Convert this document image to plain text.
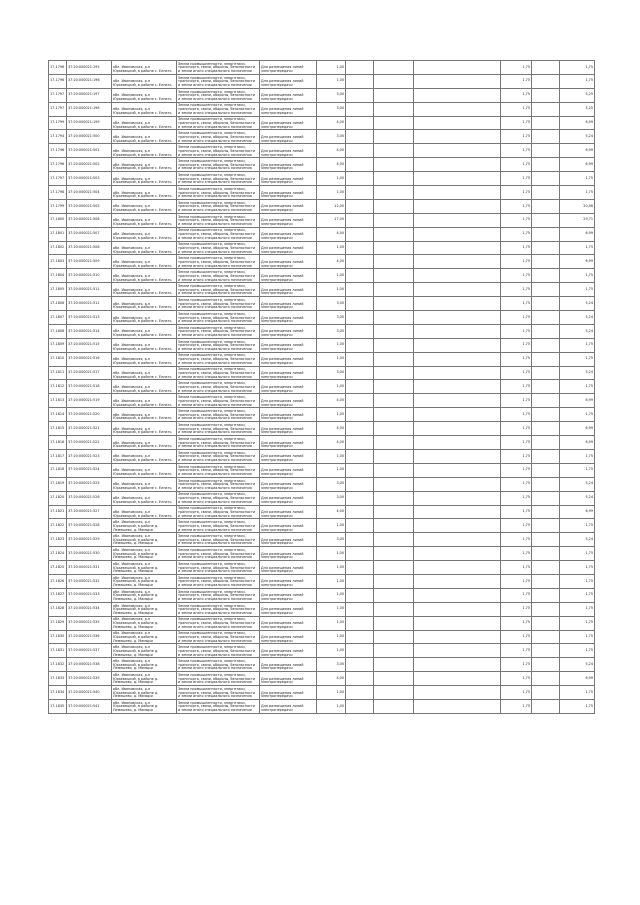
17-1796	37:20:000021:195	обл. Ивановская, р-н Юрьевецкий, в районе с. Елнать	Земли промышленности, энергетики, транспорта, связи, обороны, безопасности и земли иного специального назначения	Для размещения линий электропередачи	1,00				1,75		1,75
17-1796	37:20:000021:196	обл. Ивановская, р-н Юрьевецкий, в районе с. Елнать	Земли промышленности, энергетики, транспорта, связи, обороны, безопасности и земли иного специального назначения	Для размещения линий электропередачи	1,00				1,75		1,75
17-1797	37:20:000021:197	обл. Ивановская, р-н Юрьевецкий, в районе с. Елнать	Земли промышленности, энергетики, транспорта, связи, обороны, безопасности и земли иного специального назначения	Для размещения линий электропередачи	3,00				1,75		5,25
17-1797	37:20:000021:198	обл. Ивановская, р-н Юрьевецкий, в районе с. Елнать	Земли промышленности, энергетики, транспорта, связи, обороны, безопасности и земли иного специального назначения	Для размещения линий электропередачи	3,00				1,75		5,25
17-1799	37:20:000021:199	обл. Ивановская, р-н Юрьевецкий, в районе с. Елнать	Земли промышленности, энергетики, транспорта, связи, обороны, безопасности и земли иного специального назначения	Для размещения линий электропередачи	4,00				1,75		6,99
17-1794	37:20:000021:500	обл. Ивановская, р-н Юрьевецкий, в районе с. Елнать	Земли промышленности, энергетики, транспорта, связи, обороны, безопасности и земли иного специального назначения	Для размещения линий электропередачи	3,00				1,75		5,24
17-1796	37:20:000021:501	обл. Ивановская, р-н Юрьевецкий, в районе с. Елнать	Земли промышленности, энергетики, транспорта, связи, обороны, безопасности и земли иного специального назначения	Для размещения линий электропередачи	4,00				1,75		6,99
17-1796	37:20:000021:502	обл. Ивановская, р-н Юрьевецкий, в районе с. Елнать	Земли промышленности, энергетики, транспорта, связи, обороны, безопасности и земли иного специального назначения	Для размещения линий электропередачи	4,00				1,75		6,99
17-1797	37:20:000021:503	обл. Ивановская, р-н Юрьевецкий, в районе с. Елнать	Земли промышленности, энергетики, транспорта, связи, обороны, безопасности и земли иного специального назначения	Для размещения линий электропередачи	1,00				1,75		1,75
17-1798	37:20:000021:504	обл. Ивановская, р-н Юрьевецкий, в районе с. Елнать	Земли промышленности, энергетики, транспорта, связи, обороны, безопасности и земли иного специального назначения	Для размещения линий электропередачи	1,00				1,75		1,75
17-1799	37:20:000021:505	обл. Ивановская, р-н Юрьевецкий, в районе с. Елнать	Земли промышленности, энергетики, транспорта, связи, обороны, безопасности и земли иного специального назначения	Для размещения линий электропередачи	12,00				1,75		20,98
17-1800	37:20:000021:506	обл. Ивановская, р-н Юрьевецкий, в районе с. Елнать	Земли промышленности, энергетики, транспорта, связи, обороны, безопасности и земли иного специального назначения	Для размещения линий электропередачи	17,00				1,75		29,71
17-1801	37:20:000021:507	обл. Ивановская, р-н Юрьевецкий, в районе с. Елнать	Земли промышленности, энергетики, транспорта, связи, обороны, безопасности и земли иного специального назначения	Для размещения линий электропередачи	4,00				1,75		6,99
17-1802	37:20:000021:508	обл. Ивановская, р-н Юрьевецкий, в районе с. Елнать	Земли промышленности, энергетики, транспорта, связи, обороны, безопасности и земли иного специального назначения	Для размещения линий электропередачи	1,00				1,75		1,75
17-1803	37:20:000021:509	обл. Ивановская, р-н Юрьевецкий, в районе с. Елнать	Земли промышленности, энергетики, транспорта, связи, обороны, безопасности и земли иного специального назначения	Для размещения линий электропередачи	4,00				1,75		6,99
17-1804	37:20:000021:510	обл. Ивановская, р-н Юрьевецкий, в районе с. Елнать	Земли промышленности, энергетики, транспорта, связи, обороны, безопасности и земли иного специального назначения	Для размещения линий электропередачи	1,00				1,75		1,75
17-1805	37:20:000021:511	обл. Ивановская, р-н Юрьевецкий, в районе с. Елнать	Земли промышленности, энергетики, транспорта, связи, обороны, безопасности и земли иного специального назначения	Для размещения линий электропередачи	1,00				1,75		1,75
17-1806	37:20:000021:512	обл. Ивановская, р-н Юрьевецкий, в районе с. Елнать	Земли промышленности, энергетики, транспорта, связи, обороны, безопасности и земли иного специального назначения	Для размещения линий электропередачи	3,00				1,75		5,24
17-1807	37:20:000021:513	обл. Ивановская, р-н Юрьевецкий, в районе с. Елнать	Земли промышленности, энергетики, транспорта, связи, обороны, безопасности и земли иного специального назначения	Для размещения линий электропередачи	3,00				1,75		5,24
17-1808	37:20:000021:514	обл. Ивановская, р-н Юрьевецкий, в районе с. Елнать	Земли промышленности, энергетики, транспорта, связи, обороны, безопасности и земли иного специального назначения	Для размещения линий электропередачи	3,00				1,75		5,24
17-1809	37:20:000021:515	обл. Ивановская, р-н Юрьевецкий, в районе с. Елнать	Земли промышленности, энергетики, транспорта, связи, обороны, безопасности и земли иного специального назначения	Для размещения линий электропередачи	1,00				1,75		1,75
17-1810	37:20:000021:516	обл. Ивановская, р-н Юрьевецкий, в районе с. Елнать	Земли промышленности, энергетики, транспорта, связи, обороны, безопасности и земли иного специального назначения	Для размещения линий электропередачи	1,00				1,75		1,75
17-1811	37:20:000021:517	обл. Ивановская, р-н Юрьевецкий, в районе с. Елнать	Земли промышленности, энергетики, транспорта, связи, обороны, безопасности и земли иного специального назначения	Для размещения линий электропередачи	3,00				1,75		5,24
17-1812	37:20:000021:518	обл. Ивановская, р-н Юрьевецкий, в районе с. Елнать	Земли промышленности, энергетики, транспорта, связи, обороны, безопасности и земли иного специального назначения	Для размещения линий электропередачи	1,00				1,75		1,75
17-1813	37:20:000021:519	обл. Ивановская, р-н Юрьевецкий, в районе с. Елнать	Земли промышленности, энергетики, транспорта, связи, обороны, безопасности и земли иного специального назначения	Для размещения линий электропередачи	4,00				1,75		6,99
17-1814	37:20:000021:520	обл. Ивановская, р-н Юрьевецкий, в районе с. Елнать	Земли промышленности, энергетики, транспорта, связи, обороны, безопасности и земли иного специального назначения	Для размещения линий электропередачи	1,00				1,75		1,75
17-1815	37:20:000021:521	обл. Ивановская, р-н Юрьевецкий, в районе с. Елнать	Земли промышленности, энергетики, транспорта, связи, обороны, безопасности и земли иного специального назначения	Для размещения линий электропередачи	4,00				1,75		6,99
17-1816	37:20:000021:522	обл. Ивановская, р-н Юрьевецкий, в районе с. Елнать	Земли промышленности, энергетики, транспорта, связи, обороны, безопасности и земли иного специального назначения	Для размещения линий электропередачи	4,00				1,75		6,99
17-1817	37:20:000021:523	обл. Ивановская, р-н Юрьевецкий, в районе с. Елнать	Земли промышленности, энергетики, транспорта, связи, обороны, безопасности и земли иного специального назначения	Для размещения линий электропередачи	1,00				1,75		1,75
17-1818	37:20:000021:524	обл. Ивановская, р-н Юрьевецкий, в районе с. Елнать	Земли промышленности, энергетики, транспорта, связи, обороны, безопасности и земли иного специального назначения	Для размещения линий электропередачи	1,00				1,75		1,75
17-1819	37:20:000021:525	обл. Ивановская, р-н Юрьевецкий, в районе с. Елнать	Земли промышленности, энергетики, транспорта, связи, обороны, безопасности и земли иного специального назначения	Для размещения линий электропередачи	3,00				1,75		5,24
17-1820	37:20:000021:526	обл. Ивановская, р-н Юрьевецкий, в районе с. Елнать	Земли промышленности, энергетики, транспорта, связи, обороны, безопасности и земли иного специального назначения	Для размещения линий электропередачи	3,00				1,75		5,24
17-1821	37:20:000021:527	обл. Ивановская, р-н Юрьевецкий, в районе с. Елнать	Земли промышленности, энергетики, транспорта, связи, обороны, безопасности и земли иного специального назначения	Для размещения линий электропередачи	4,00				1,75		6,99
17-1822	37:20:000021:528	обл. Ивановская, р-н Юрьевецкий, в районе д. Лемешево, д. Мамыри	Земли промышленности, энергетики, транспорта, связи, обороны, безопасности и земли иного специального назначения	Для размещения линий электропередачи	1,00				1,75		1,75
17-1823	37:20:000021:529	обл. Ивановская, р-н Юрьевецкий, в районе д. Лемешево, д. Мамыри	Земли промышленности, энергетики, транспорта, связи, обороны, безопасности и земли иного специального назначения	Для размещения линий электропередачи	3,00				1,75		5,24
17-1824	37:20:000021:530	обл. Ивановская, р-н Юрьевецкий, в районе д. Лемешево, д. Мамыри	Земли промышленности, энергетики, транспорта, связи, обороны, безопасности и земли иного специального назначения	Для размещения линий электропередачи	1,00				1,75		1,75
17-1825	37:20:000021:531	обл. Ивановская, р-н Юрьевецкий, в районе д. Лемешево, д. Мамыри	Земли промышленности, энергетики, транспорта, связи, обороны, безопасности и земли иного специального назначения	Для размещения линий электропередачи	1,00				1,75		1,75
17-1826	37:20:000021:532	обл. Ивановская, р-н Юрьевецкий, в районе д. Лемешево, д. Мамыри	Земли промышленности, энергетики, транспорта, связи, обороны, безопасности и земли иного специального назначения	Для размещения линий электропередачи	1,00				1,75		1,75
17-1827	37:20:000021:533	обл. Ивановская, р-н Юрьевецкий, в районе д. Лемешево, д. Мамыри	Земли промышленности, энергетики, транспорта, связи, обороны, безопасности и земли иного специального назначения	Для размещения линий электропередачи	1,00				1,75		1,75
17-1828	37:20:000021:534	обл. Ивановская, р-н Юрьевецкий, в районе д. Лемешево, д. Мамыри	Земли промышленности, энергетики, транспорта, связи, обороны, безопасности и земли иного специального назначения	Для размещения линий электропередачи	1,00				1,75		1,75
17-1829	37:20:000021:535	обл. Ивановская, р-н Юрьевецкий, в районе д. Лемешево, д. Мамыри	Земли промышленности, энергетики, транспорта, связи, обороны, безопасности и земли иного специального назначения	Для размещения линий электропередачи	1,00				1,75		1,75
17-1830	37:20:000021:536	обл. Ивановская, р-н Юрьевецкий, в районе д. Лемешево, д. Мамыри	Земли промышленности, энергетики, транспорта, связи, обороны, безопасности и земли иного специального назначения	Для размещения линий электропередачи	1,00				1,75		1,75
17-1831	37:20:000021:537	обл. Ивановская, р-н Юрьевецкий, в районе д. Лемешево, д. Мамыри	Земли промышленности, энергетики, транспорта, связи, обороны, безопасности и земли иного специального назначения	Для размещения линий электропередачи	1,00				1,75		1,75
17-1832	37:20:000021:538	обл. Ивановская, р-н Юрьевецкий, в районе д. Лемешево, д. Мамыри	Земли промышленности, энергетики, транспорта, связи, обороны, безопасности и земли иного специального назначения	Для размещения линий электропередачи	3,00				1,75		5,24
17-1833	37:20:000021:539	обл. Ивановская, р-н Юрьевецкий, в районе д. Лемешево, д. Мамыри	Земли промышленности, энергетики, транспорта, связи, обороны, безопасности и земли иного специального назначения	Для размещения линий электропередачи	4,00				1,75		6,99
17-1834	37:20:000021:540	обл. Ивановская, р-н Юрьевецкий, в районе д. Лемешево, д. Мамыри	Земли промышленности, энергетики, транспорта, связи, обороны, безопасности и земли иного специального назначения	Для размещения линий электропередачи	1,00				1,75		1,75
17-1835	37:20:000021:541	обл. Ивановская, р-н Юрьевецкий, в районе д. Лемешево, д. Мамыри	Земли промышленности, энергетики, транспорта, связи, обороны, безопасности и земли иного специального назначения	Для размещения линий электропередачи	1,00				1,75		1,75
